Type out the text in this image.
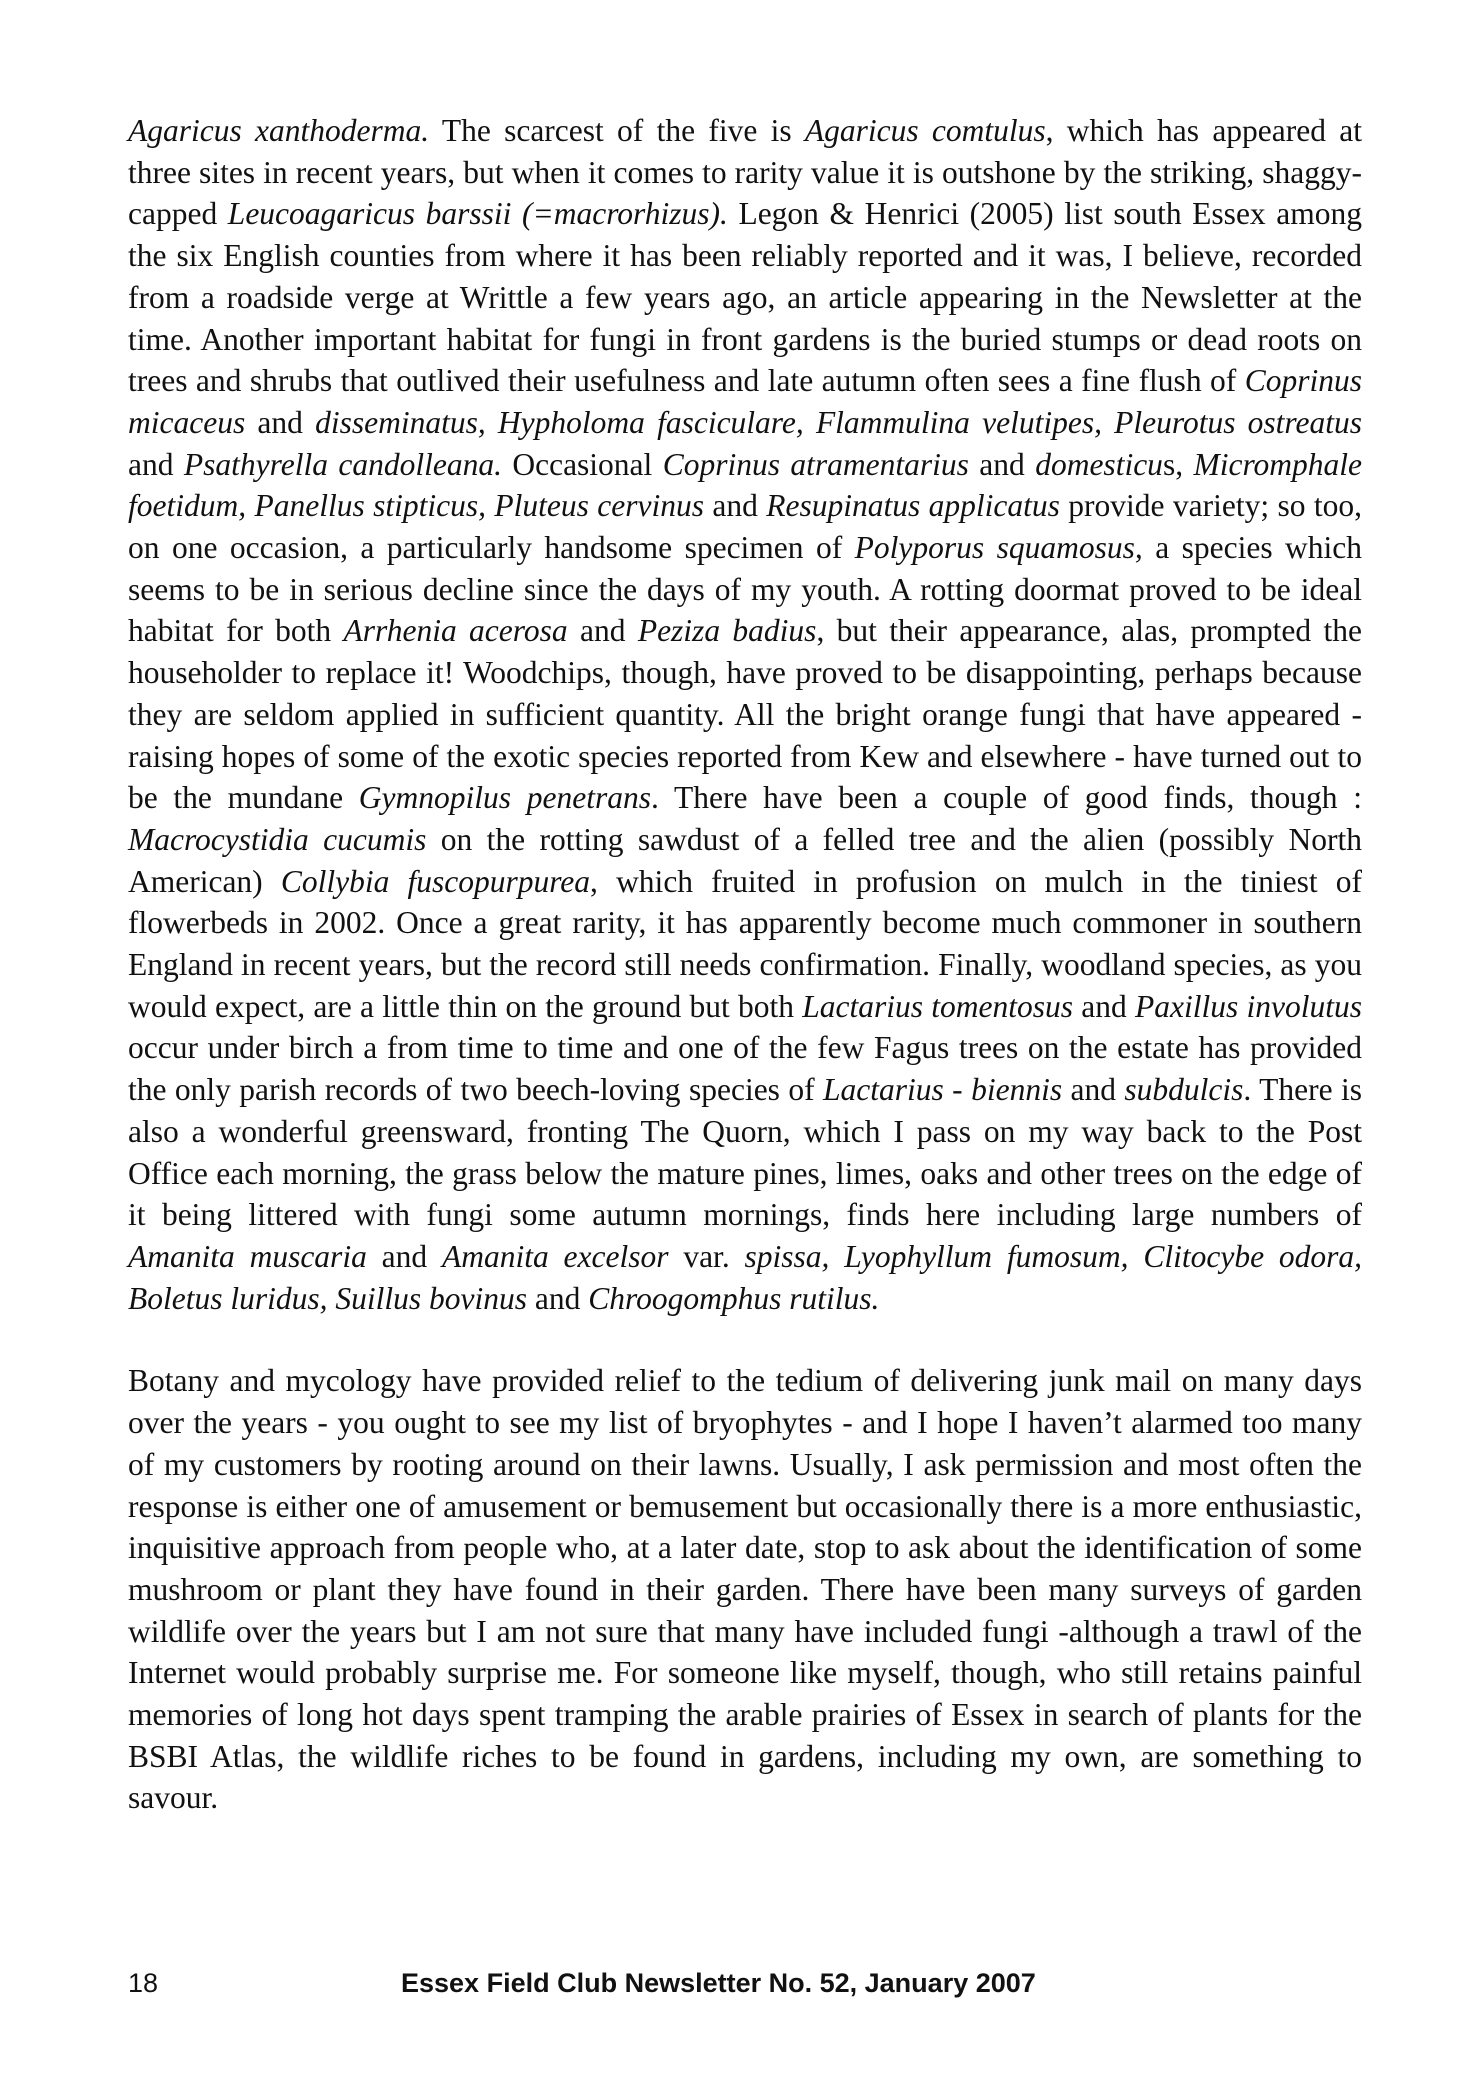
Agaricus xanthoderma. The scarcest of the five is Agaricus comtulus, which has appeared at three sites in recent years, but when it comes to rarity value it is outshone by the striking, shaggy-capped Leucoagaricus barssii (=macrorhizus). Legon & Henrici (2005) list south Essex among the six English counties from where it has been reliably reported and it was, I believe, recorded from a roadside verge at Writtle a few years ago, an article appearing in the Newsletter at the time. Another important habitat for fungi in front gardens is the buried stumps or dead roots on trees and shrubs that outlived their usefulness and late autumn often sees a fine flush of Coprinus micaceus and disseminatus, Hypholoma fasciculare, Flammulina velutipes, Pleurotus ostreatus and Psathyrella candolleana. Occasional Coprinus atramentarius and domesticus, Micromphale foetidum, Panellus stipticus, Pluteus cervinus and Resupinatus applicatus provide variety; so too, on one occasion, a particularly handsome specimen of Polyporus squamosus, a species which seems to be in serious decline since the days of my youth. A rotting doormat proved to be ideal habitat for both Arrhenia acerosa and Peziza badius, but their appearance, alas, prompted the householder to replace it! Woodchips, though, have proved to be disappointing, perhaps because they are seldom applied in sufficient quantity. All the bright orange fungi that have appeared - raising hopes of some of the exotic species reported from Kew and elsewhere - have turned out to be the mundane Gymnopilus penetrans. There have been a couple of good finds, though : Macrocystidia cucumis on the rotting sawdust of a felled tree and the alien (possibly North American) Collybia fuscopurpurea, which fruited in profusion on mulch in the tiniest of flowerbeds in 2002. Once a great rarity, it has apparently become much commoner in southern England in recent years, but the record still needs confirmation. Finally, woodland species, as you would expect, are a little thin on the ground but both Lactarius tomentosus and Paxillus involutus occur under birch a from time to time and one of the few Fagus trees on the estate has provided the only parish records of two beech-loving species of Lactarius - biennis and subdulcis. There is also a wonderful greensward, fronting The Quorn, which I pass on my way back to the Post Office each morning, the grass below the mature pines, limes, oaks and other trees on the edge of it being littered with fungi some autumn mornings, finds here including large numbers of Amanita muscaria and Amanita excelsor var. spissa, Lyophyllum fumosum, Clitocybe odora, Boletus luridus, Suillus bovinus and Chroogomphus rutilus.

Botany and mycology have provided relief to the tedium of delivering junk mail on many days over the years - you ought to see my list of bryophytes - and I hope I haven’t alarmed too many of my customers by rooting around on their lawns. Usually, I ask permission and most often the response is either one of amusement or bemusement but occasionally there is a more enthusiastic, inquisitive approach from people who, at a later date, stop to ask about the identification of some mushroom or plant they have found in their garden. There have been many surveys of garden wildlife over the years but I am not sure that many have included fungi -although a trawl of the Internet would probably surprise me. For someone like myself, though, who still retains painful memories of long hot days spent tramping the arable prairies of Essex in search of plants for the BSBI Atlas, the wildlife riches to be found in gardens, including my own, are something to savour.

18	Essex Field Club Newsletter No. 52, January 2007
